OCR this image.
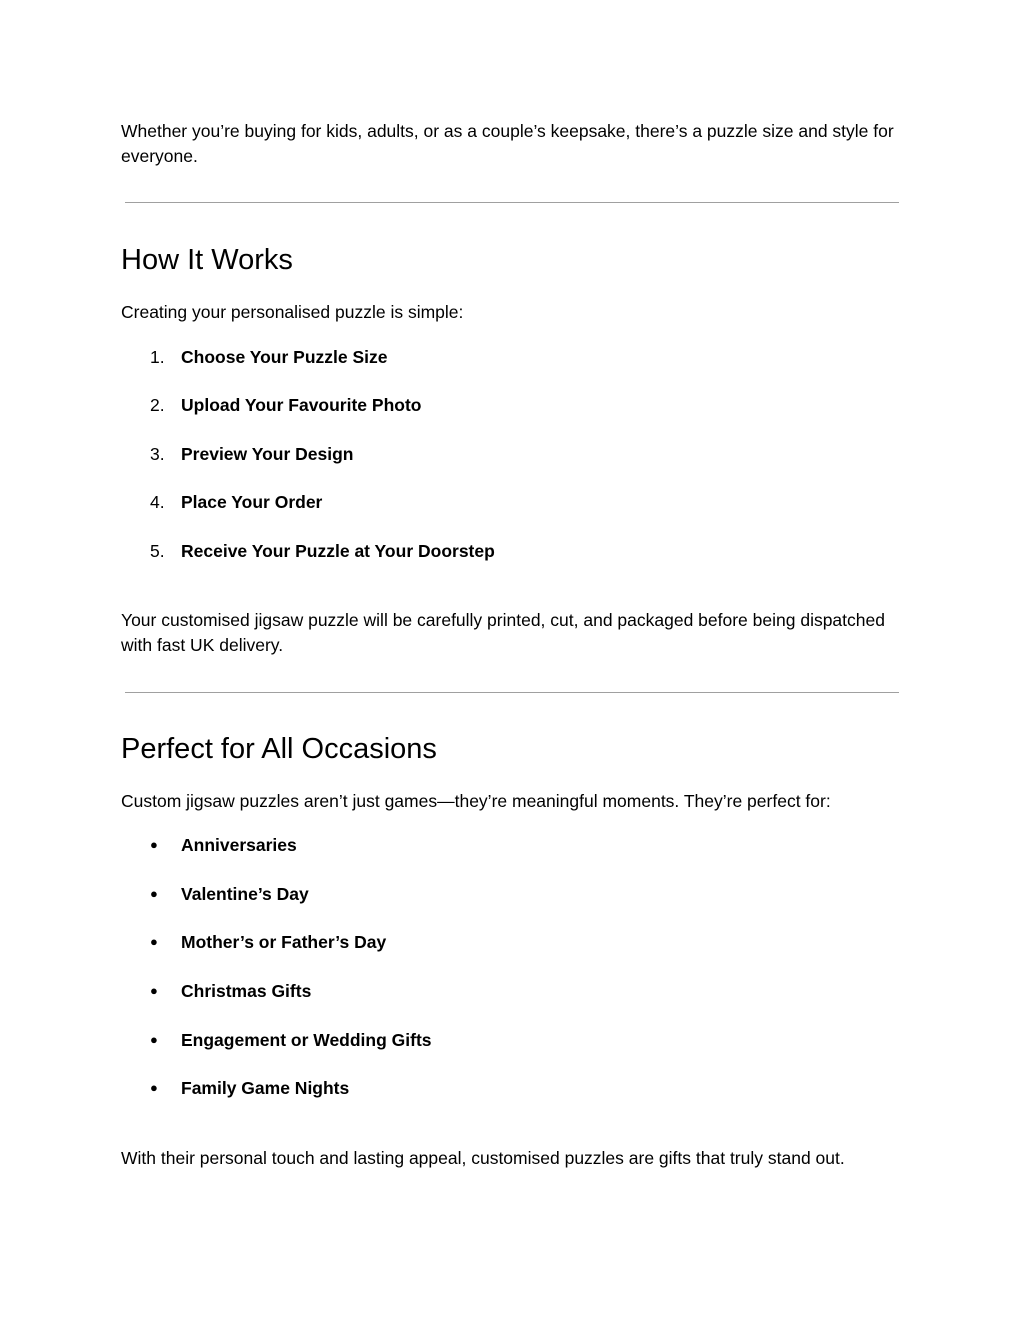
Whether you’re buying for kids, adults, or as a couple’s keepsake, there’s a puzzle size and style for everyone.

How It Works

Creating your personalised puzzle is simple:

1. Choose Your Puzzle Size
2. Upload Your Favourite Photo
3. Preview Your Design
4. Place Your Order
5. Receive Your Puzzle at Your Doorstep

Your customised jigsaw puzzle will be carefully printed, cut, and packaged before being dispatched with fast UK delivery.

Perfect for All Occasions

Custom jigsaw puzzles aren’t just games—they’re meaningful moments. They’re perfect for:

●	Anniversaries
●	Valentine’s Day
●	Mother’s or Father’s Day
●	Christmas Gifts
●	Engagement or Wedding Gifts
●	Family Game Nights

With their personal touch and lasting appeal, customised puzzles are gifts that truly stand out.
